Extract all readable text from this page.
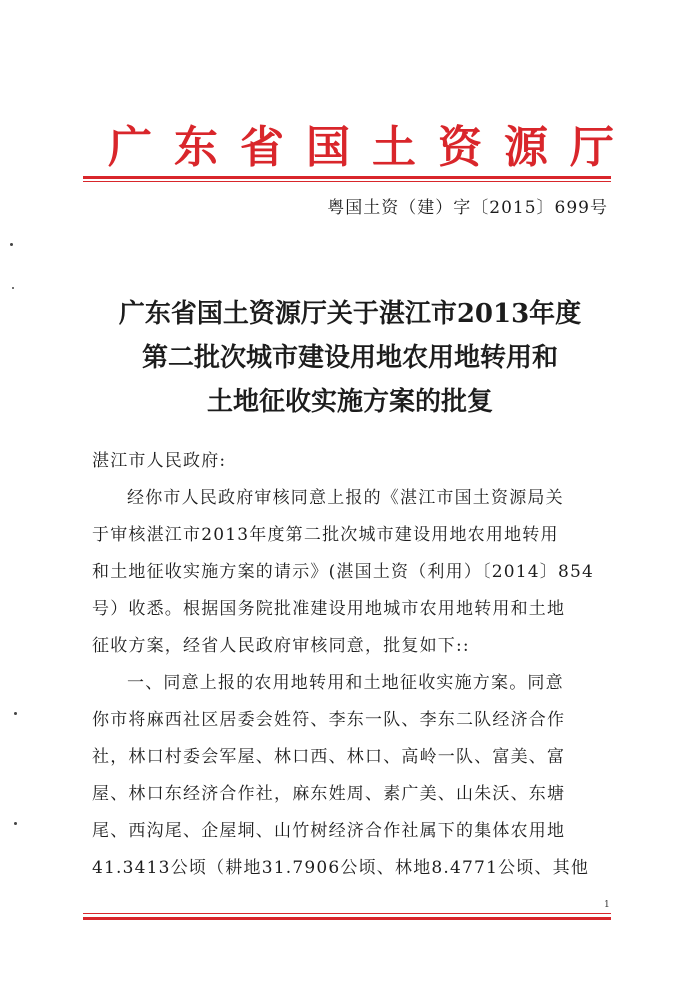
广东省国土资源厅
粤国土资（建）字〔2015〕699号
广东省国土资源厅关于湛江市2013年度
第二批次城市建设用地农用地转用和
土地征收实施方案的批复

湛江市人民政府:

经你市人民政府审核同意上报的《湛江市国土资源局关

于审核湛江市2013年度第二批次城市建设用地农用地转用

和土地征收实施方案的请示》(湛国土资（利用）〔2014〕854

号）收悉。根据国务院批准建设用地城市农用地转用和土地

征收方案，经省人民政府审核同意，批复如下::

一、同意上报的农用地转用和土地征收实施方案。同意

你市将麻西社区居委会姓符、李东一队、李东二队经济合作

社，林口村委会军屋、林口西、林口、高岭一队、富美、富

屋、林口东经济合作社，麻东姓周、素广美、山朱沃、东塘

尾、西沟尾、企屋垌、山竹树经济合作社属下的集体农用地

41.3413公顷（耕地31.7906公顷、林地8.4771公顷、其他

1
